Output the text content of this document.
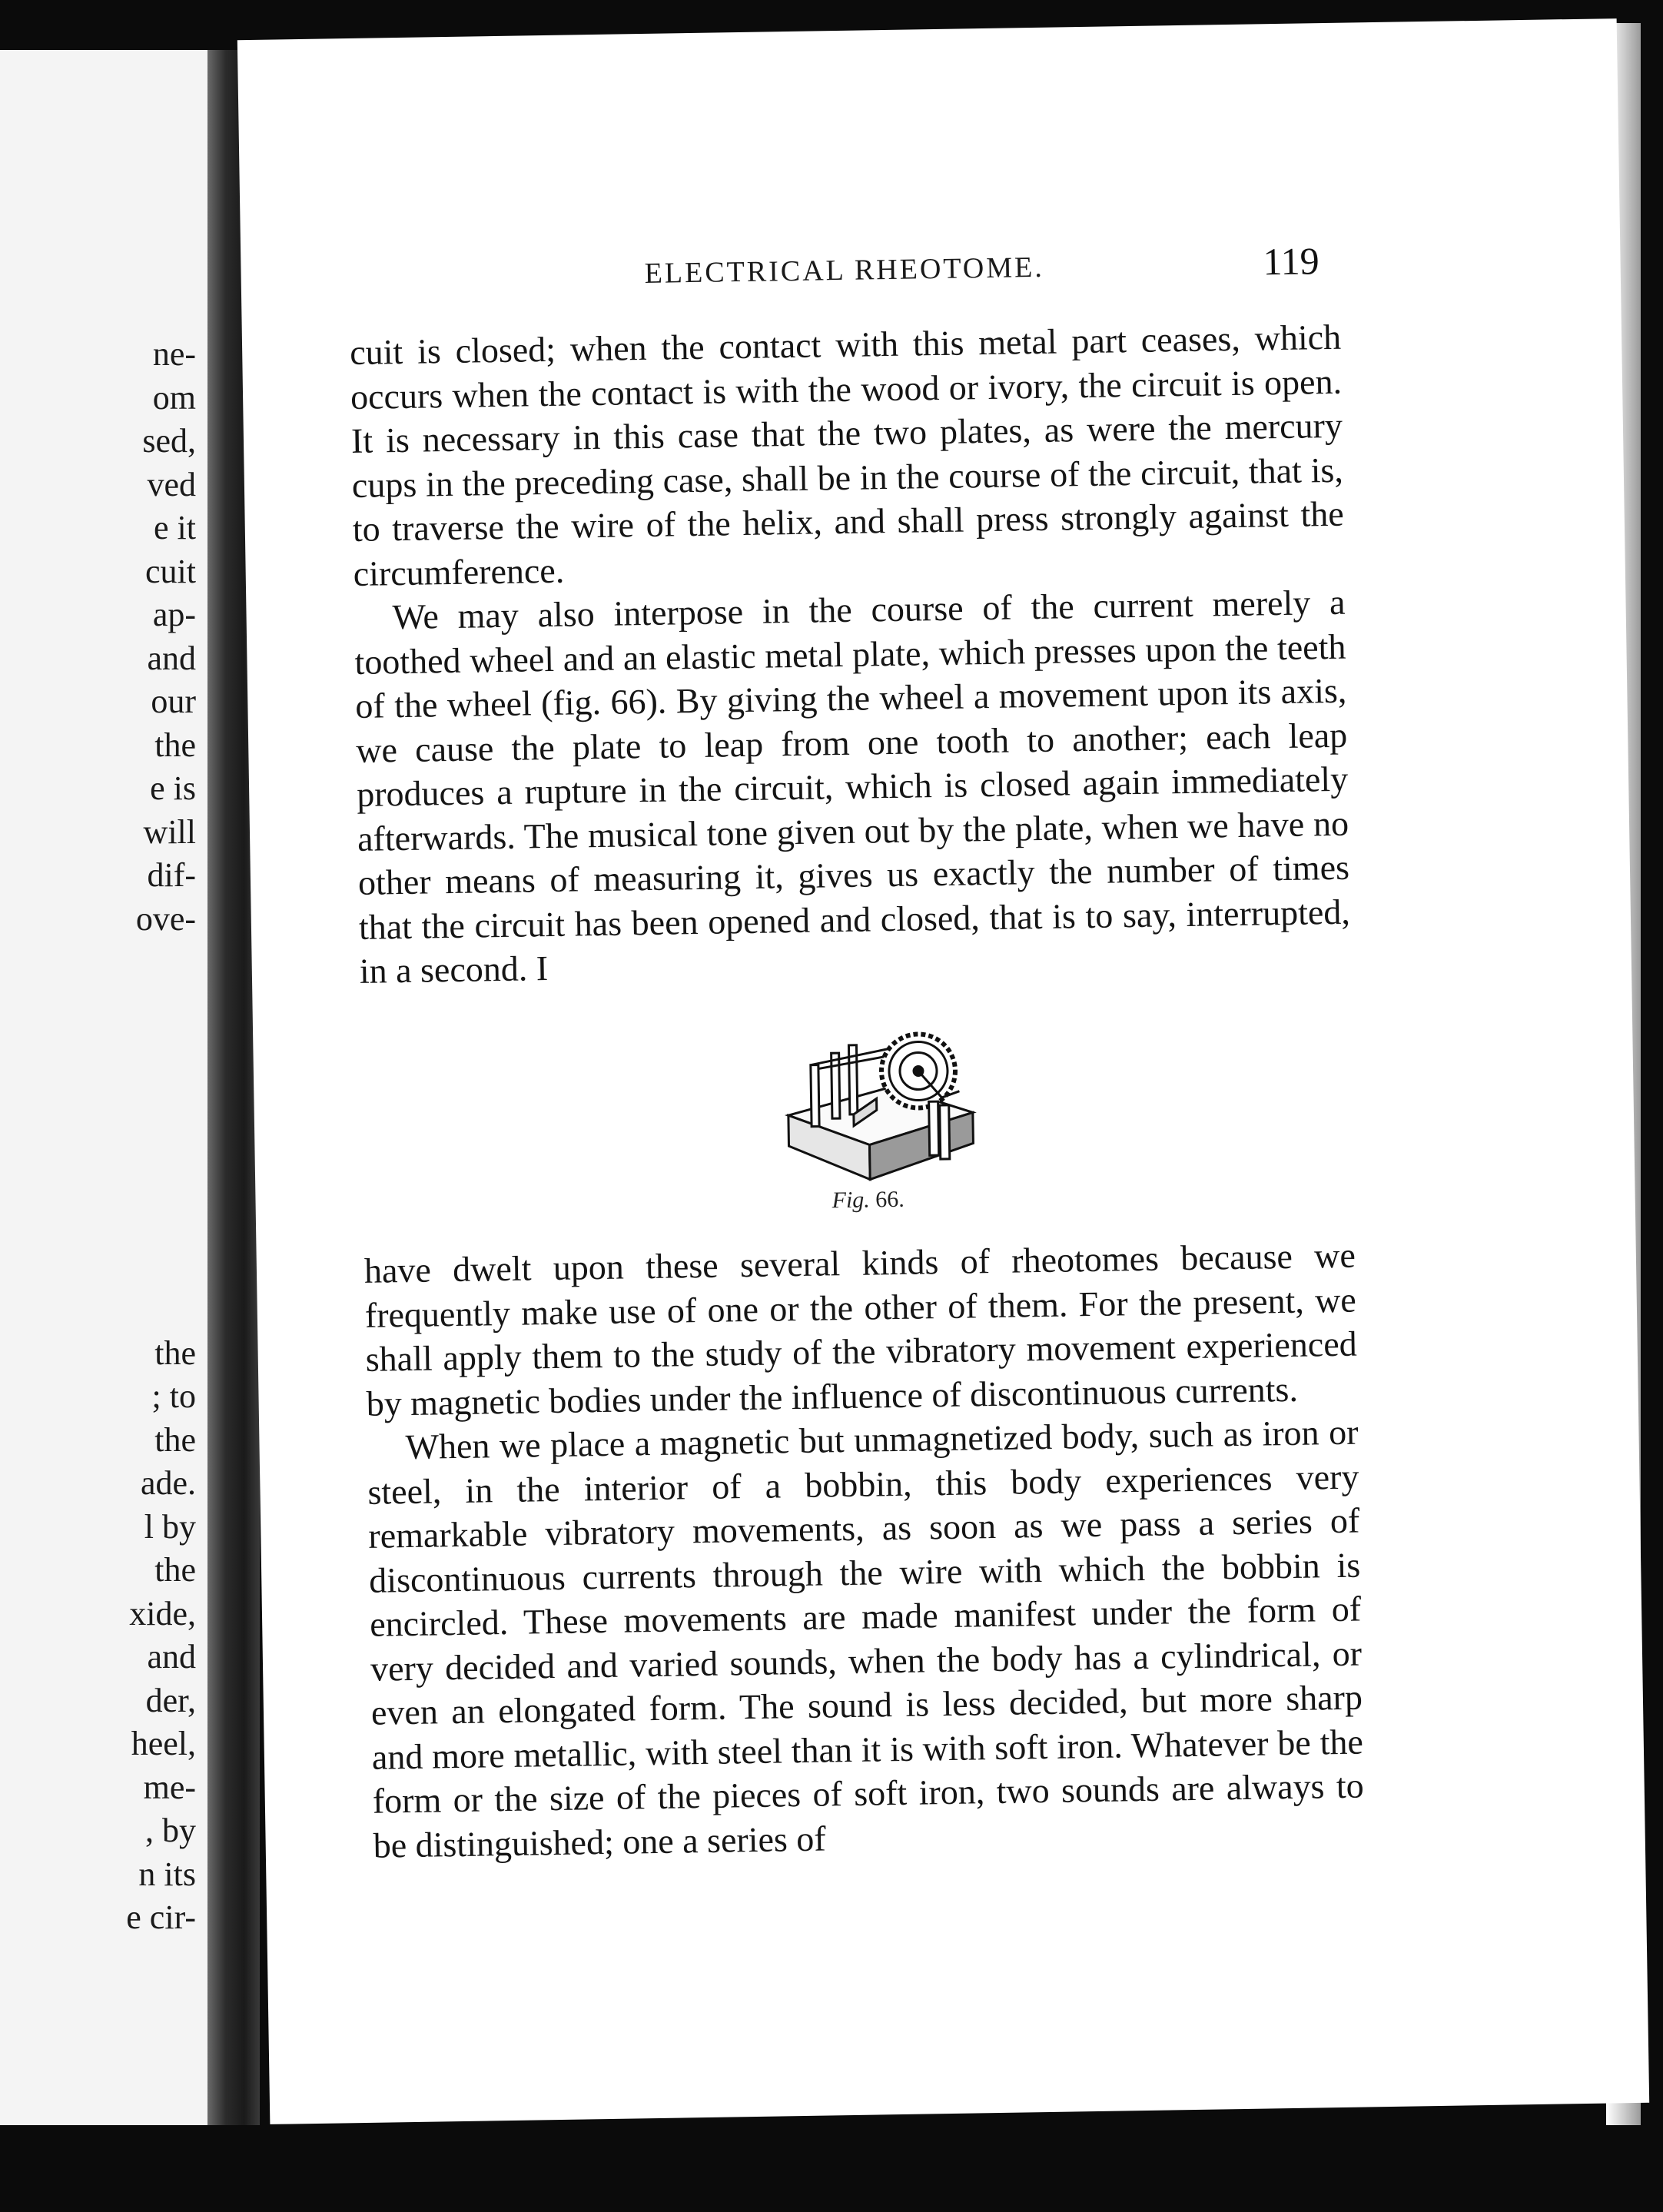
ne-
om
sed,
ved
e it
cuit
ap-
and
our
the
e is
will
dif-
ove-
the
; to
the
ade.
l by
the
xide,
and
der,
heel,
me-
, by
n its
e cir-
ELECTRICAL RHEOTOME.	119

cuit is closed; when the contact with this metal part ceases, which occurs when the contact is with the wood or ivory, the circuit is open. It is necessary in this case that the two plates, as were the mercury cups in the preceding case, shall be in the course of the circuit, that is, to traverse the wire of the helix, and shall press strongly against the circumference.

We may also interpose in the course of the current merely a toothed wheel and an elastic metal plate, which presses upon the teeth of the wheel (fig. 66). By giving the wheel a movement upon its axis, we cause the plate to leap from one tooth to another; each leap produces a rupture in the circuit, which is closed again immediately afterwards. The musical tone given out by the plate, when we have no other means of measuring it, gives us exactly the number of times that the circuit has been opened and closed, that is to say, interrupted, in a second. I

Fig. 66.

have dwelt upon these several kinds of rheotomes because we frequently make use of one or the other of them. For the present, we shall apply them to the study of the vibratory movement experienced by magnetic bodies under the influence of discontinuous currents.

When we place a magnetic but unmagnetized body, such as iron or steel, in the interior of a bobbin, this body experiences very remarkable vibratory movements, as soon as we pass a series of discontinuous currents through the wire with which the bobbin is encircled. These movements are made manifest under the form of very decided and varied sounds, when the body has a cylindrical, or even an elongated form. The sound is less decided, but more sharp and more metallic, with steel than it is with soft iron. Whatever be the form or the size of the pieces of soft iron, two sounds are always to be distinguished; one a series of
